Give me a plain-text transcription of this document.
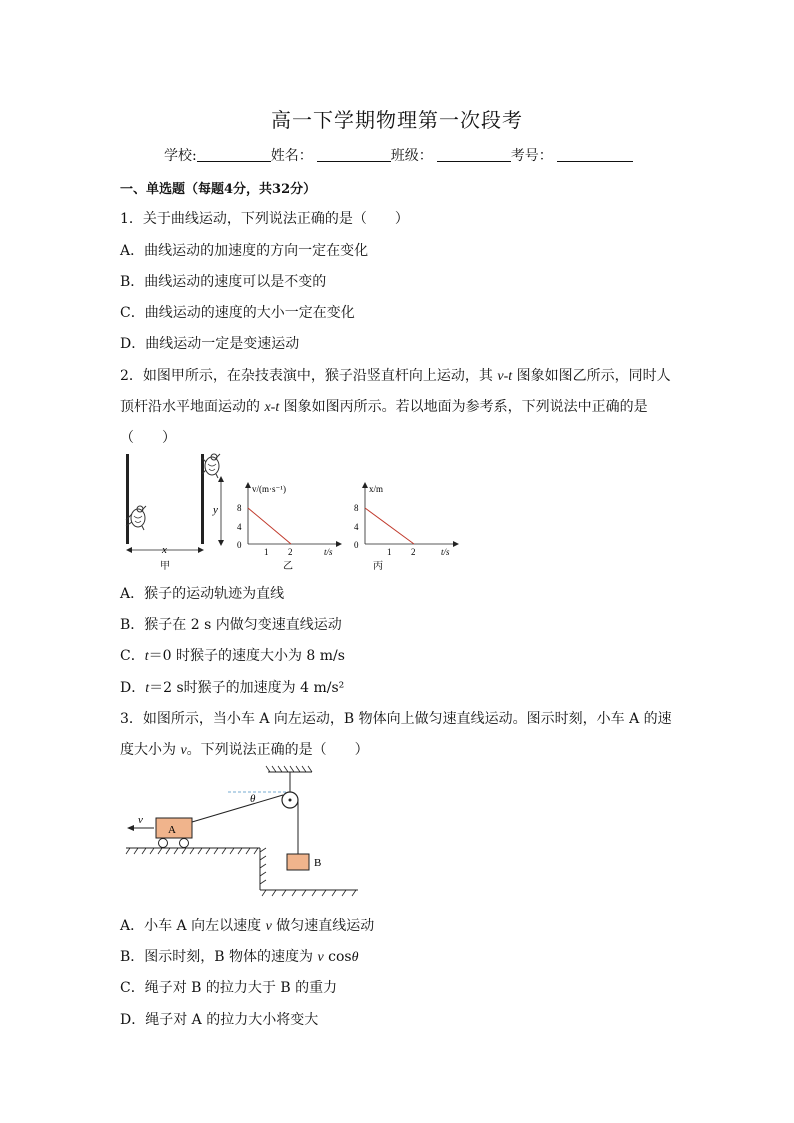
高一下学期物理第一次段考
学校:	姓名：	班级：	考号：
一、单选题（每题4分，共32分）
1．关于曲线运动，下列说法正确的是（　　）
A．曲线运动的加速度的方向一定在变化
B．曲线运动的速度可以是不变的
C．曲线运动的速度的大小一定在变化
D．曲线运动一定是变速运动
2．如图甲所示，在杂技表演中，猴子沿竖直杆向上运动，其 v-t 图象如图乙所示，同时人
顶杆沿水平地面运动的 x-t 图象如图丙所示。若以地面为参考系，下列说法中正确的是
（　　）
y
x
甲
v/(m·s⁻¹)
t/s
8
4
0
1 2
乙
x/m
t/s
8
4
0
1 2
丙
A．猴子的运动轨迹为直线
B．猴子在 2 s 内做匀变速直线运动
C．t＝0 时猴子的速度大小为 8 m/s
D．t＝2 s时猴子的加速度为 4 m/s²
3．如图所示，当小车 A 向左运动，B 物体向上做匀速直线运动。图示时刻，小车 A 的速
度大小为 v。下列说法正确的是（　　）
θ
B
A
v
A．小车 A 向左以速度 v 做匀速直线运动
B．图示时刻，B 物体的速度为 v cosθ
C．绳子对 B 的拉力大于 B 的重力
D．绳子对 A 的拉力大小将变大
